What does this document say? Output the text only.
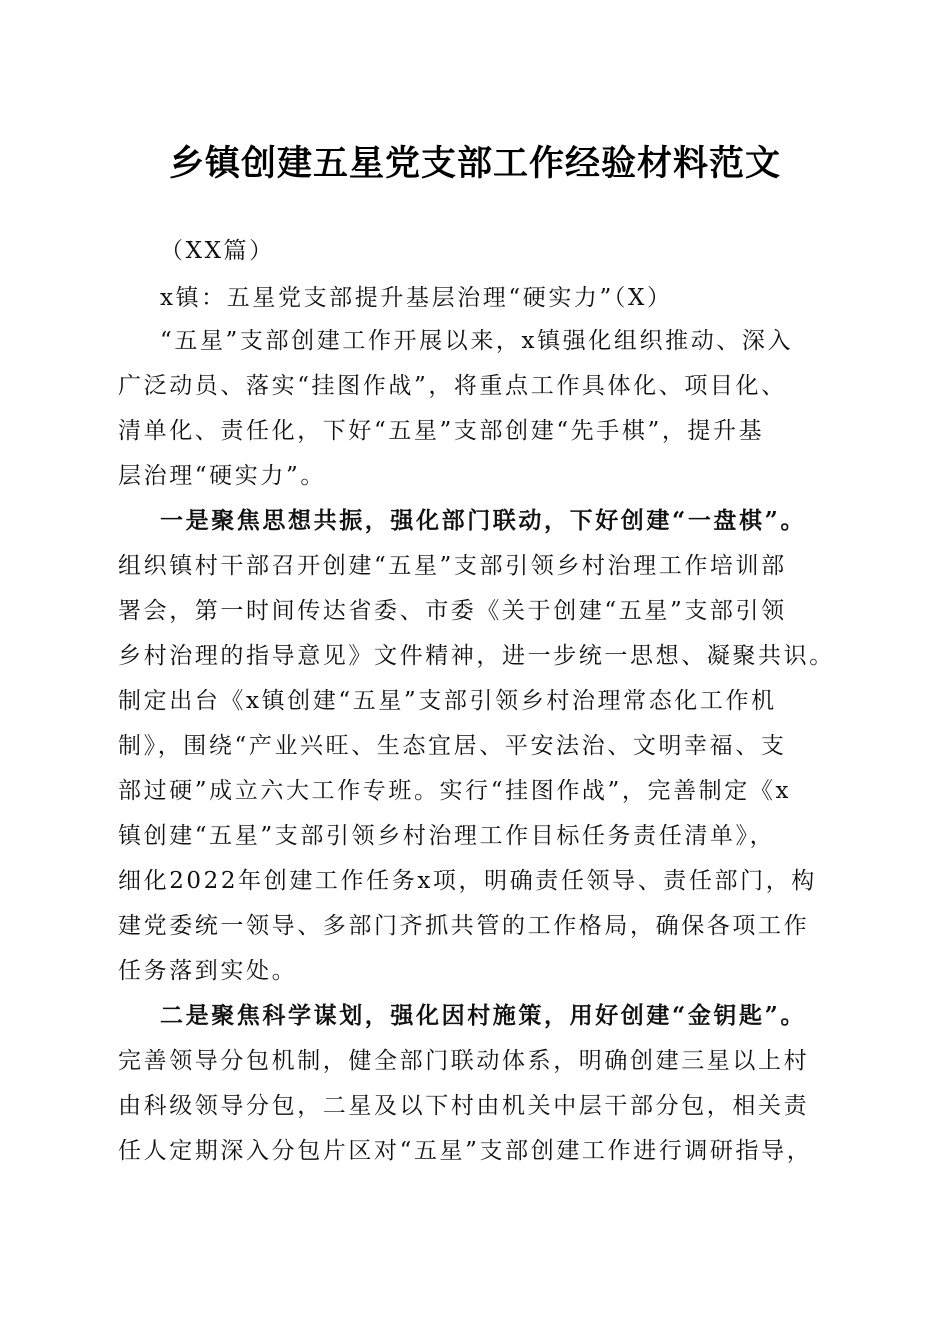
乡镇创建五星党支部工作经验材料范文
（XX篇）
x镇：五星党支部提升基层治理“硬实力”（X）
“五星”支部创建工作开展以来，x镇强化组织推动、深入
广泛动员、落实“挂图作战”，将重点工作具体化、项目化、
清单化、责任化，下好“五星”支部创建“先手棋”，提升基
层治理“硬实力”。
一是聚焦思想共振，强化部门联动，下好创建“一盘棋”。
组织镇村干部召开创建“五星”支部引领乡村治理工作培训部
署会，第一时间传达省委、市委《关于创建“五星”支部引领
乡村治理的指导意见》文件精神，进一步统一思想、凝聚共识。
制定出台《x镇创建“五星”支部引领乡村治理常态化工作机
制》，围绕“产业兴旺、生态宜居、平安法治、文明幸福、支
部过硬”成立六大工作专班。实行“挂图作战”，完善制定《x
镇创建“五星”支部引领乡村治理工作目标任务责任清单》，
细化2022年创建工作任务x项，明确责任领导、责任部门，构
建党委统一领导、多部门齐抓共管的工作格局，确保各项工作
任务落到实处。
二是聚焦科学谋划，强化因村施策，用好创建“金钥匙”。
完善领导分包机制，健全部门联动体系，明确创建三星以上村
由科级领导分包，二星及以下村由机关中层干部分包，相关责
任人定期深入分包片区对“五星”支部创建工作进行调研指导，
